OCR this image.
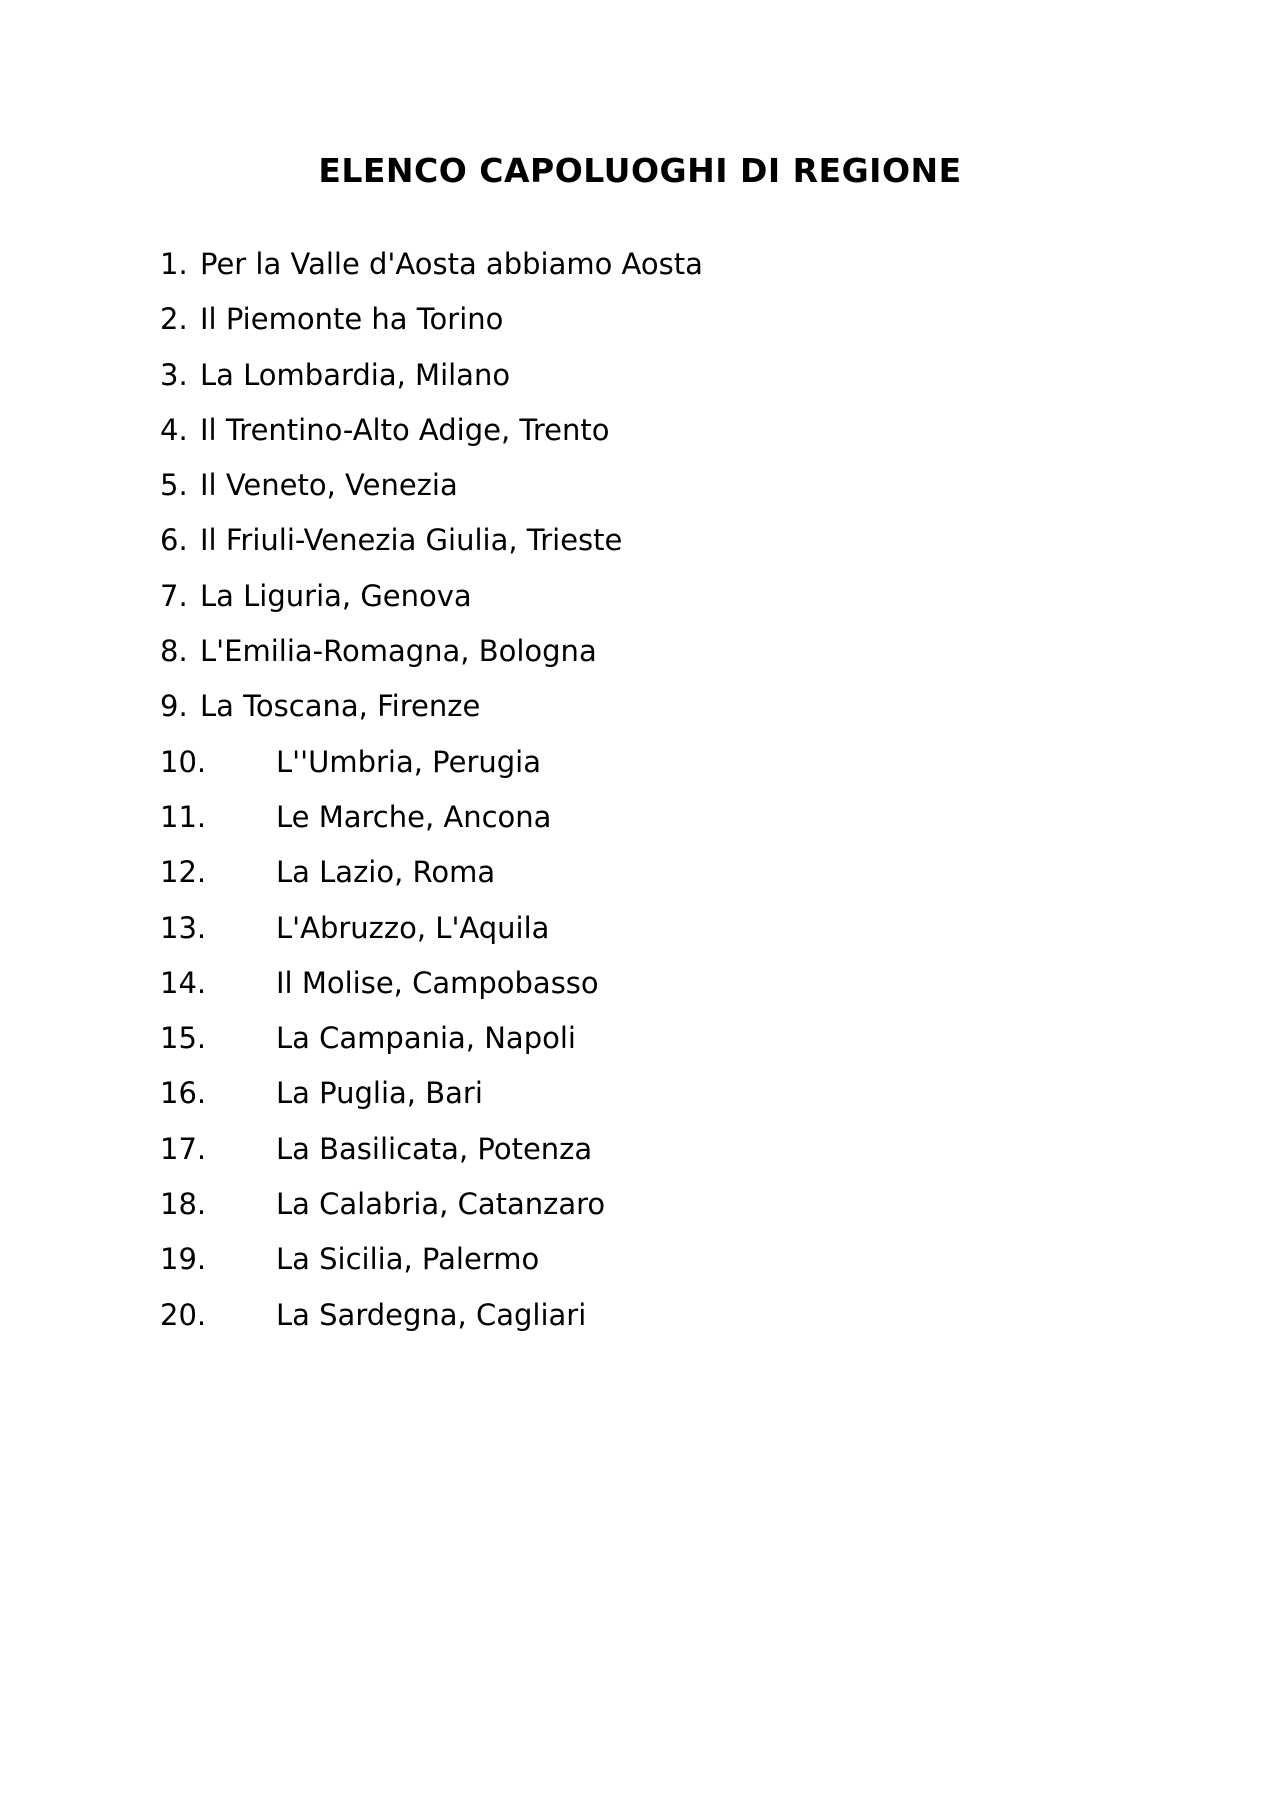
ELENCO CAPOLUOGHI DI REGIONE
1. Per la Valle d'Aosta abbiamo Aosta
2. Il Piemonte ha Torino
3. La Lombardia, Milano
4. Il Trentino-Alto Adige, Trento
5. Il Veneto, Venezia
6. Il Friuli-Venezia Giulia, Trieste
7. La Liguria, Genova
8. L'Emilia-Romagna, Bologna
9. La Toscana, Firenze
10.	L''Umbria, Perugia
11.	Le Marche, Ancona
12.	La Lazio, Roma
13.	L'Abruzzo, L'Aquila
14.	Il Molise, Campobasso
15.	La Campania, Napoli
16.	La Puglia, Bari
17.	La Basilicata, Potenza
18.	La Calabria, Catanzaro
19.	La Sicilia, Palermo
20.	La Sardegna, Cagliari
